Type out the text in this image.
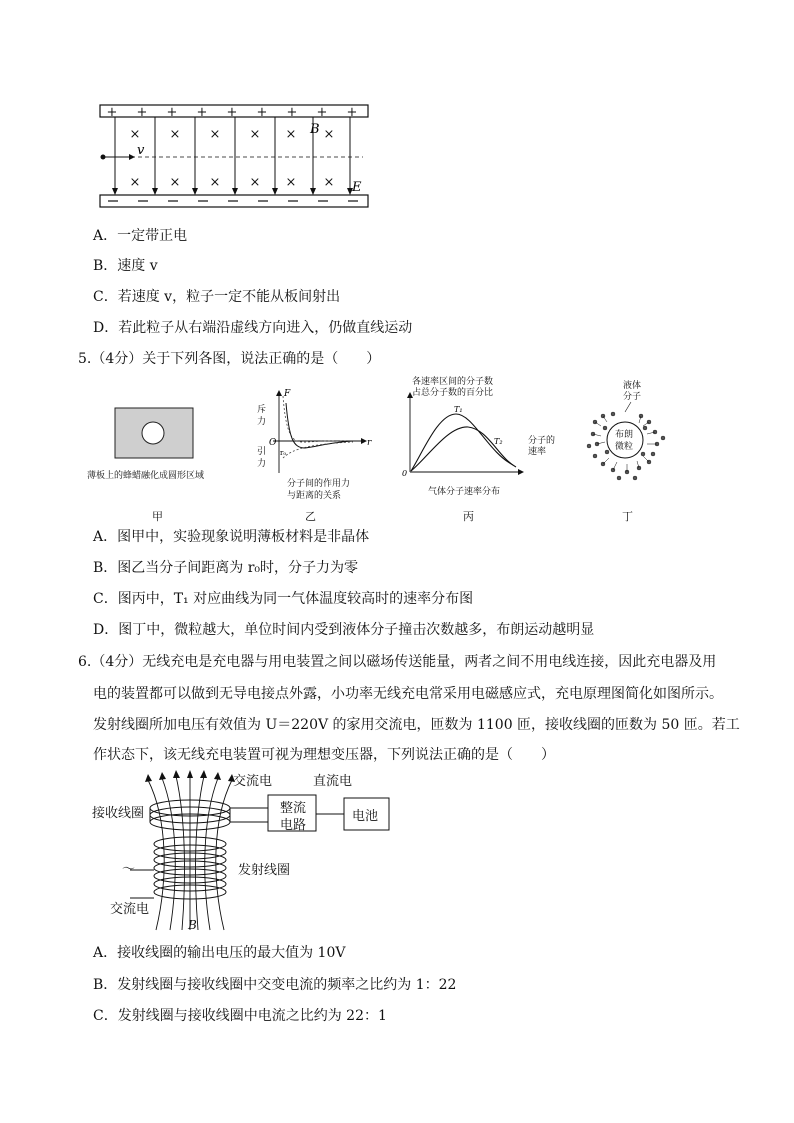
+ + + + + + + + +
× × × × × ×
× × × × × ×
v
B
E
A．一定带正电
B．速度 v
C．若速度 v，粒子一定不能从板间射出
D．若此粒子从右端沿虚线方向进入，仍做直线运动
5.（4分）关于下列各图，说法正确的是（　　）
薄板上的蜂蜡融化成圆形区域
甲
F
r
O
r₀
斥力
引力
分子间的作用力
与距离的关系
乙
各速率区间的分子数
占总分子数的百分比
T₁
T₂
0
分子的
速率
气体分子速率分布
丙
液体
分子
布朗
微粒
丁
A．图甲中，实验现象说明薄板材料是非晶体
B．图乙当分子间距离为 r₀时，分子力为零
C．图丙中，T₁ 对应曲线为同一气体温度较高时的速率分布图
D．图丁中，微粒越大，单位时间内受到液体分子撞击次数越多，布朗运动越明显
6.（4分）无线充电是充电器与用电装置之间以磁场传送能量，两者之间不用电线连接，因此充电器及用
电的装置都可以做到无导电接点外露，小功率无线充电常采用电磁感应式，充电原理图简化如图所示。
发射线圈所加电压有效值为 U＝220V 的家用交流电，匝数为 1100 匝，接收线圈的匝数为 50 匝。若工
作状态下，该无线充电装置可视为理想变压器，下列说法正确的是（　　）
交流电	直流电
接收线圈	整流
电路
电池
～	发射线圈
交流电
B
A．接收线圈的输出电压的最大值为 10V
B．发射线圈与接收线圈中交变电流的频率之比约为 1：22
C．发射线圈与接收线圈中电流之比约为 22：1
